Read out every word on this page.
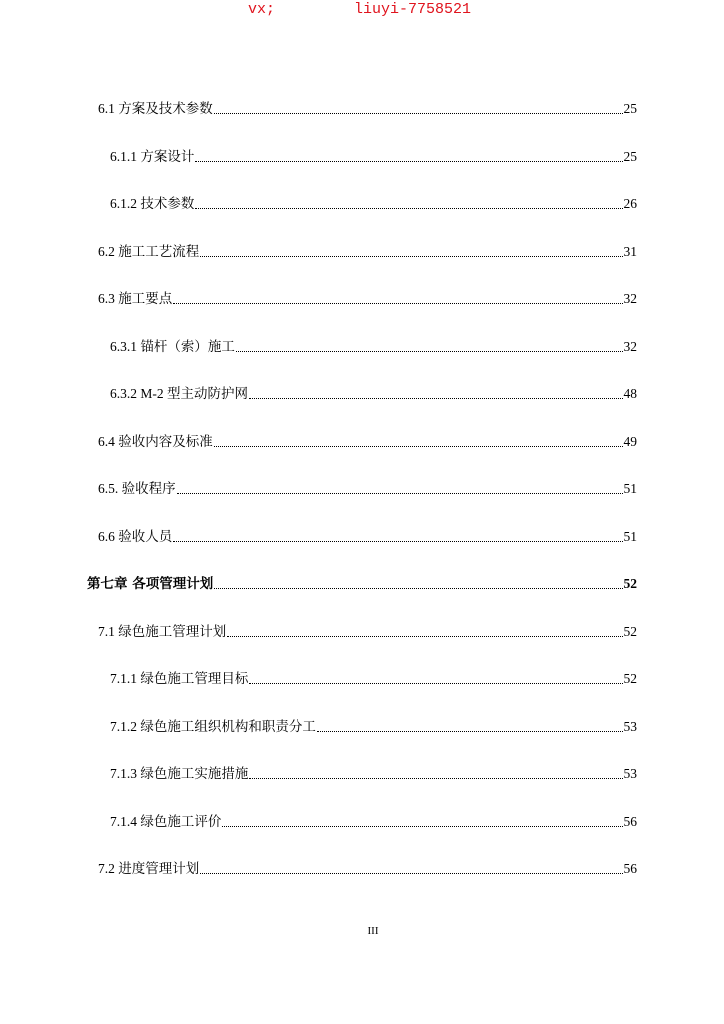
vx;	liuyi-7758521
6.1 方案及技术参数	25
6.1.1 方案设计	25
6.1.2 技术参数	26
6.2 施工工艺流程	31
6.3 施工要点	32
6.3.1 锚杆（索）施工	32
6.3.2 M-2 型主动防护网	48
6.4 验收内容及标准	49
6.5. 验收程序	51
6.6 验收人员	51
第七章 各项管理计划	52
7.1 绿色施工管理计划	52
7.1.1 绿色施工管理目标	52
7.1.2 绿色施工组织机构和职责分工	53
7.1.3 绿色施工实施措施	53
7.1.4 绿色施工评价	56
7.2 进度管理计划	56
III
